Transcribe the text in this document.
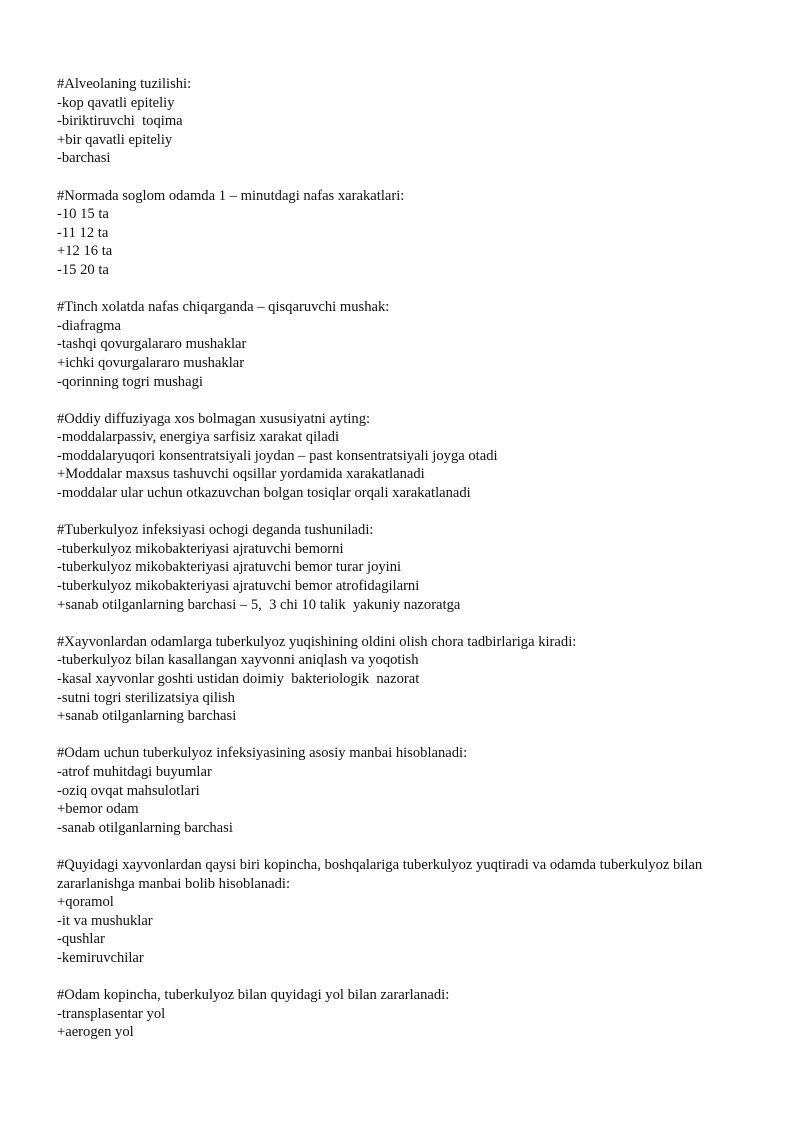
#Alveolaning tuzilishi:
-kop qavatli epiteliy
-biriktiruvchi  toqima
+bir qavatli epiteliy
-barchasi
#Normada soglom odamda 1 – minutdagi nafas xarakatlari:
-10 15 ta
-11 12 ta
+12 16 ta
-15 20 ta
#Tinch xolatda nafas chiqarganda – qisqaruvchi mushak:
-diafragma
-tashqi qovurgalararo mushaklar
+ichki qovurgalararo mushaklar
-qorinning togri mushagi
#Oddiy diffuziyaga xos bolmagan xususiyatni ayting:
-moddalarpassiv, energiya sarfisiz xarakat qiladi
-moddalaryuqori konsentratsiyali joydan – past konsentratsiyali joyga otadi
+Moddalar maxsus tashuvchi oqsillar yordamida xarakatlanadi
-moddalar ular uchun otkazuvchan bolgan tosiqlar orqali xarakatlanadi
#Tuberkulyoz infeksiyasi ochogi deganda tushuniladi:
-tuberkulyoz mikobakteriyasi ajratuvchi bemorni
-tuberkulyoz mikobakteriyasi ajratuvchi bemor turar joyini
-tuberkulyoz mikobakteriyasi ajratuvchi bemor atrofidagilarni
+sanab otilganlarning barchasi – 5,  3 chi 10 talik  yakuniy nazoratga
#Xayvonlardan odamlarga tuberkulyoz yuqishining oldini olish chora tadbirlariga kiradi:
-tuberkulyoz bilan kasallangan xayvonni aniqlash va yoqotish
-kasal xayvonlar goshti ustidan doimiy  bakteriologik  nazorat
-sutni togri sterilizatsiya qilish
+sanab otilganlarning barchasi
#Odam uchun tuberkulyoz infeksiyasining asosiy manbai hisoblanadi:
-atrof muhitdagi buyumlar
-oziq ovqat mahsulotlari
+bemor odam
-sanab otilganlarning barchasi
#Quyidagi xayvonlardan qaysi biri kopincha, boshqalariga tuberkulyoz yuqtiradi va odamda tuberkulyoz bilan zararlanishga manbai bolib hisoblanadi:
+qoramol
-it va mushuklar
-qushlar
-kemiruvchilar
#Odam kopincha, tuberkulyoz bilan quyidagi yol bilan zararlanadi:
-transplasentar yol
+aerogen yol
